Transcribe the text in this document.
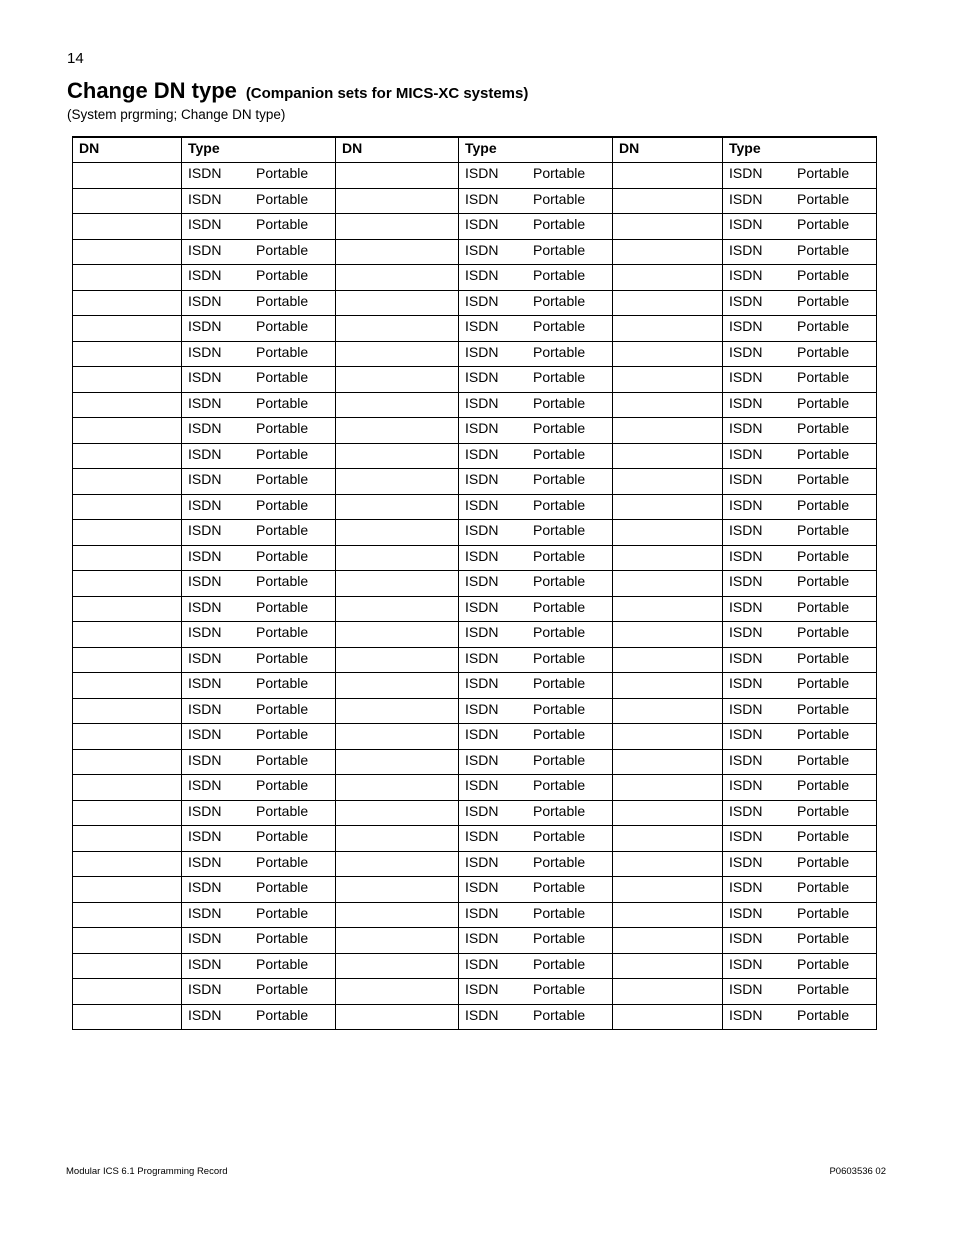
14
Change DN type (Companion sets for MICS-XC systems)
(System prgrming; Change DN type)
DN	Type	DN	Type	DN	Type
	ISDN Portable		ISDN Portable		ISDN Portable
	ISDN Portable		ISDN Portable		ISDN Portable
	ISDN Portable		ISDN Portable		ISDN Portable
	ISDN Portable		ISDN Portable		ISDN Portable
	ISDN Portable		ISDN Portable		ISDN Portable
	ISDN Portable		ISDN Portable		ISDN Portable
	ISDN Portable		ISDN Portable		ISDN Portable
	ISDN Portable		ISDN Portable		ISDN Portable
	ISDN Portable		ISDN Portable		ISDN Portable
	ISDN Portable		ISDN Portable		ISDN Portable
	ISDN Portable		ISDN Portable		ISDN Portable
	ISDN Portable		ISDN Portable		ISDN Portable
	ISDN Portable		ISDN Portable		ISDN Portable
	ISDN Portable		ISDN Portable		ISDN Portable
	ISDN Portable		ISDN Portable		ISDN Portable
	ISDN Portable		ISDN Portable		ISDN Portable
	ISDN Portable		ISDN Portable		ISDN Portable
	ISDN Portable		ISDN Portable		ISDN Portable
	ISDN Portable		ISDN Portable		ISDN Portable
	ISDN Portable		ISDN Portable		ISDN Portable
	ISDN Portable		ISDN Portable		ISDN Portable
	ISDN Portable		ISDN Portable		ISDN Portable
	ISDN Portable		ISDN Portable		ISDN Portable
	ISDN Portable		ISDN Portable		ISDN Portable
	ISDN Portable		ISDN Portable		ISDN Portable
	ISDN Portable		ISDN Portable		ISDN Portable
	ISDN Portable		ISDN Portable		ISDN Portable
	ISDN Portable		ISDN Portable		ISDN Portable
	ISDN Portable		ISDN Portable		ISDN Portable
	ISDN Portable		ISDN Portable		ISDN Portable
	ISDN Portable		ISDN Portable		ISDN Portable
	ISDN Portable		ISDN Portable		ISDN Portable
	ISDN Portable		ISDN Portable		ISDN Portable
	ISDN Portable		ISDN Portable		ISDN Portable
Modular ICS 6.1 Programming Record	P0603536 02
